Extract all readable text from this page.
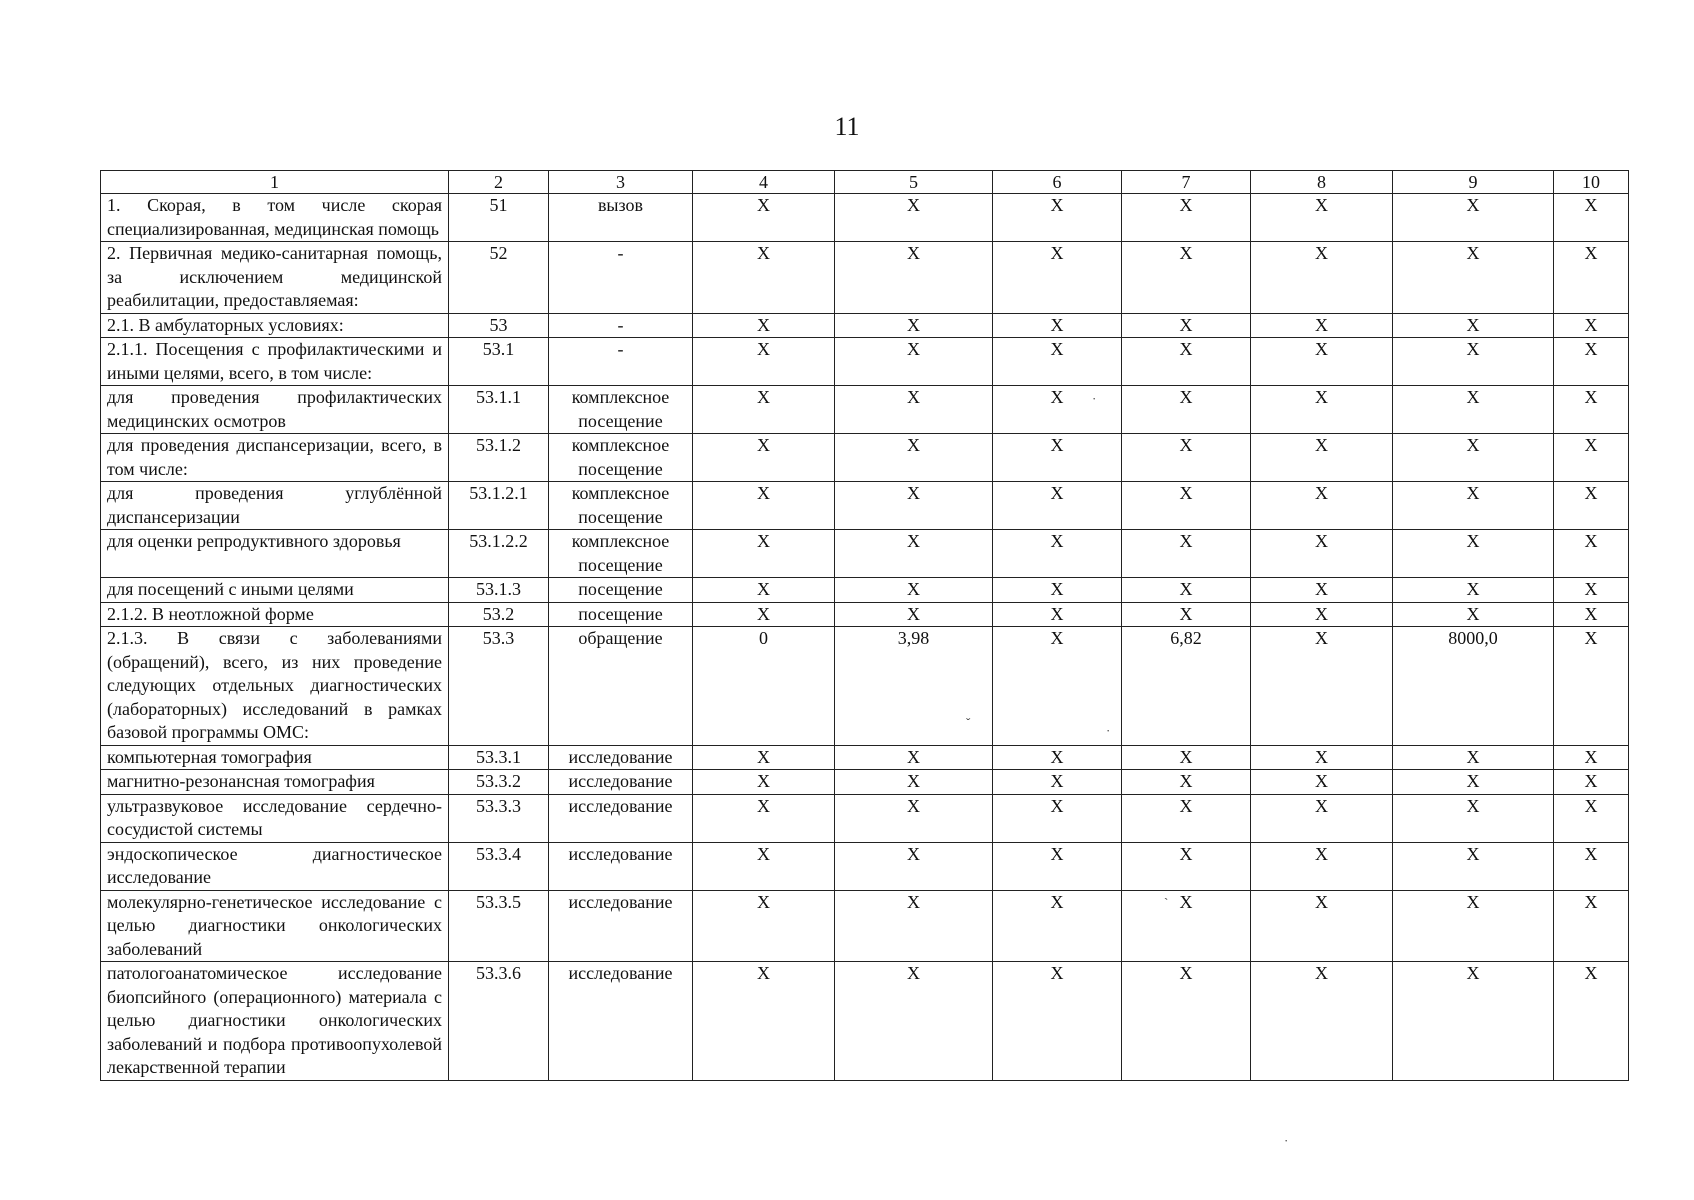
11
1	2	3	4	5	6	7	8	9	10
1. Скорая, в том числе скорая специализированная, медицинская помощь	51	вызов	X	X	X	X	X	X	X
2. Первичная медико-санитарная помощь, за исключением медицинской реабилитации, предоставляемая:	52	-	X	X	X	X	X	X	X
2.1. В амбулаторных условиях:	53	-	X	X	X	X	X	X	X
2.1.1. Посещения с профилактическими и иными целями, всего, в том числе:	53.1	-	X	X	X	X	X	X	X
для проведения профилактических медицинских осмотров	53.1.1	комплексное посещение	X	X	X	X	X	X	X
для проведения диспансеризации, всего, в том числе:	53.1.2	комплексное посещение	X	X	X	X	X	X	X
для проведения углублённой диспансеризации	53.1.2.1	комплексное посещение	X	X	X	X	X	X	X
для оценки репродуктивного здоровья	53.1.2.2	комплексное посещение	X	X	X	X	X	X	X
для посещений с иными целями	53.1.3	посещение	X	X	X	X	X	X	X
2.1.2. В неотложной форме	53.2	посещение	X	X	X	X	X	X	X
2.1.3. В связи с заболеваниями (обращений), всего, из них проведение следующих отдельных диагностических (лабораторных) исследований в рамках базовой программы ОМС:	53.3	обращение	0	3,98	X	6,82	X	8000,0	X
компьютерная томография	53.3.1	исследование	X	X	X	X	X	X	X
магнитно-резонансная томография	53.3.2	исследование	X	X	X	X	X	X	X
ультразвуковое исследование сердечно-сосудистой системы	53.3.3	исследование	X	X	X	X	X	X	X
эндоскопическое диагностическое исследование	53.3.4	исследование	X	X	X	X	X	X	X
молекулярно-генетическое исследование с целью диагностики онкологических заболеваний	53.3.5	исследование	X	X	X	X	X	X	X
патологоанатомическое исследование биопсийного (операционного) материала с целью диагностики онкологических заболеваний и подбора противоопухолевой лекарственной терапии	53.3.6	исследование	X	X	X	X	X	X	X
·
ˇ
·
`
·
